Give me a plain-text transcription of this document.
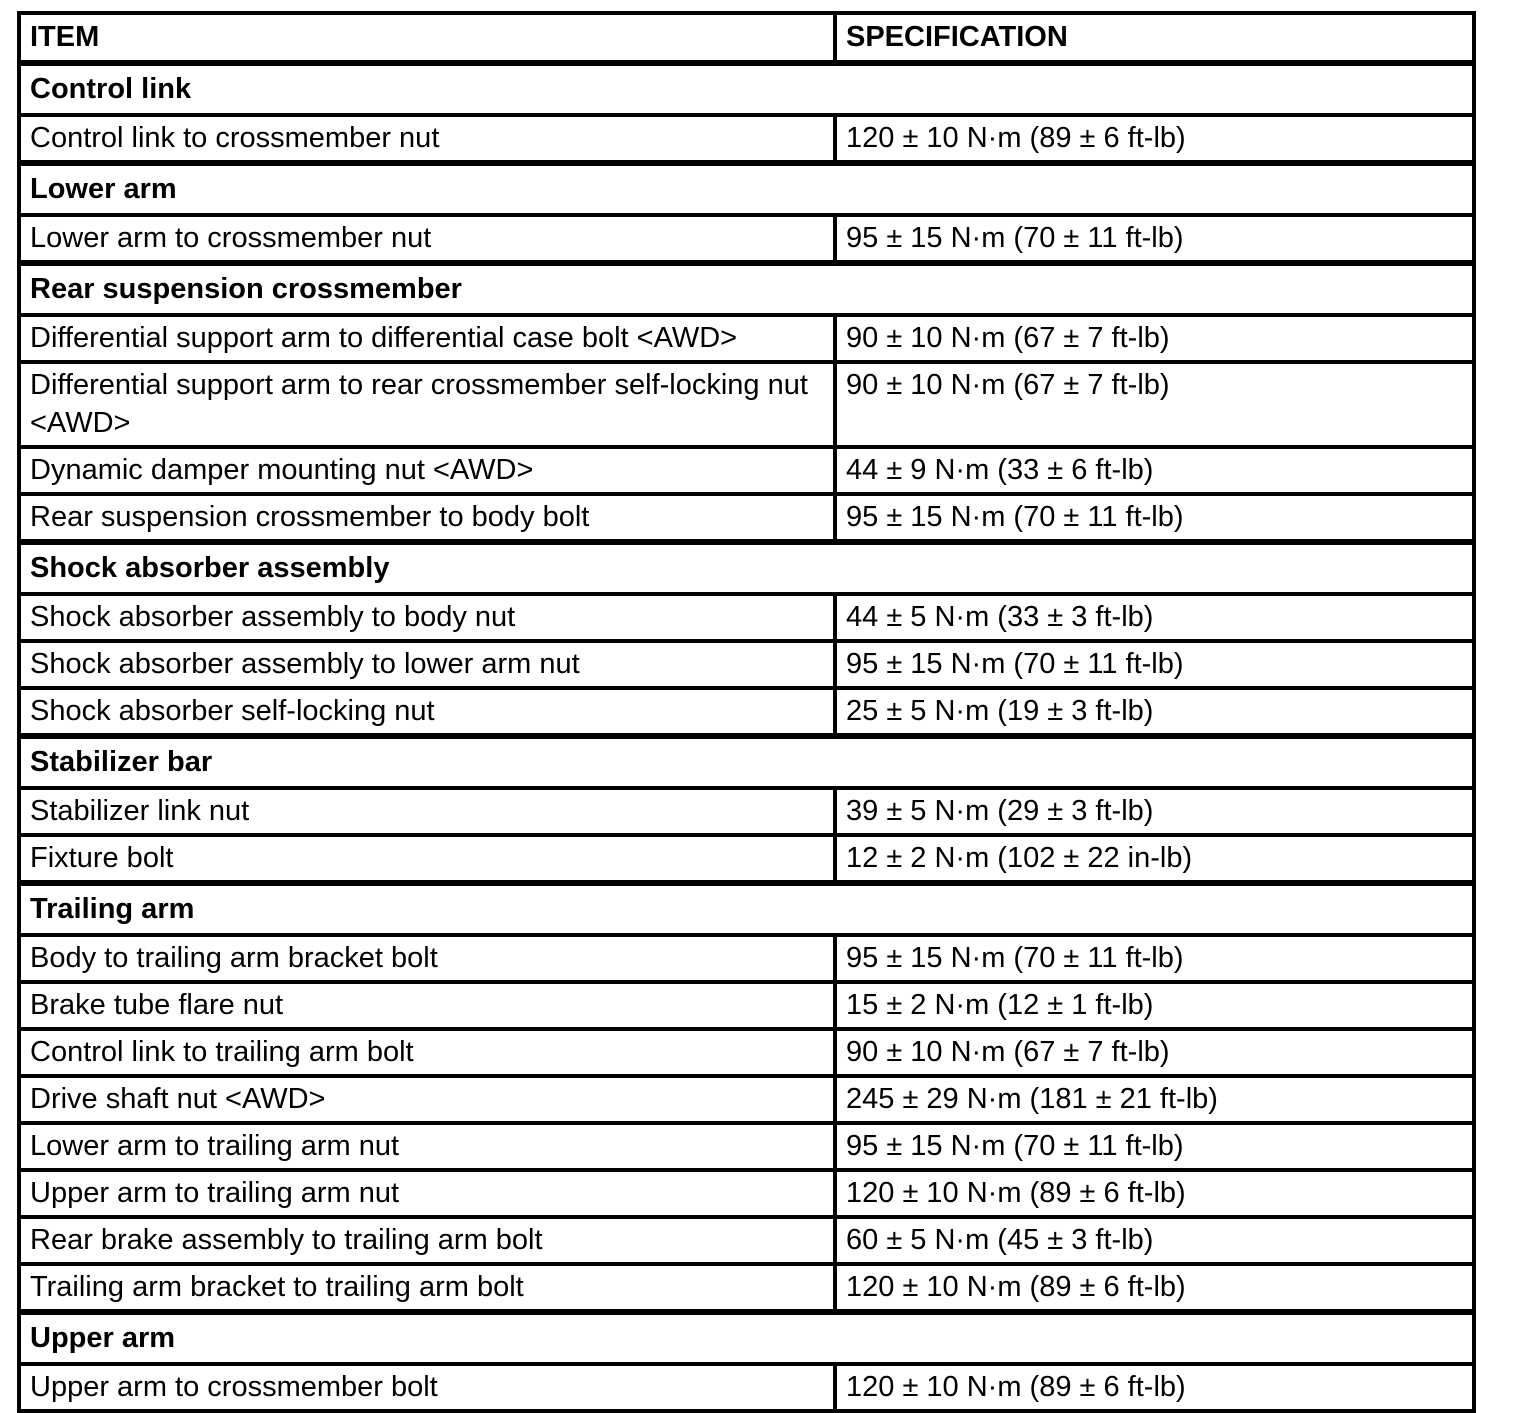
ITEM	SPECIFICATION
Control link	
Control link to crossmember nut	120 ± 10 N·m (89 ± 6 ft-lb)
Lower arm	
Lower arm to crossmember nut	95 ± 15 N·m (70 ± 11 ft-lb)
Rear suspension crossmember	
Differential support arm to differential case bolt <AWD>	90 ± 10 N·m (67 ± 7 ft-lb)
Differential support arm to rear crossmember self-locking nut <AWD>	90 ± 10 N·m (67 ± 7 ft-lb)
Dynamic damper mounting nut <AWD>	44 ± 9 N·m (33 ± 6 ft-lb)
Rear suspension crossmember to body bolt	95 ± 15 N·m (70 ± 11 ft-lb)
Shock absorber assembly	
Shock absorber assembly to body nut	44 ± 5 N·m (33 ± 3 ft-lb)
Shock absorber assembly to lower arm nut	95 ± 15 N·m (70 ± 11 ft-lb)
Shock absorber self-locking nut	25 ± 5 N·m (19 ± 3 ft-lb)
Stabilizer bar	
Stabilizer link nut	39 ± 5 N·m (29 ± 3 ft-lb)
Fixture bolt	12 ± 2 N·m (102 ± 22 in-lb)
Trailing arm	
Body to trailing arm bracket bolt	95 ± 15 N·m (70 ± 11 ft-lb)
Brake tube flare nut	15 ± 2 N·m (12 ± 1 ft-lb)
Control link to trailing arm bolt	90 ± 10 N·m (67 ± 7 ft-lb)
Drive shaft nut <AWD>	245 ± 29 N·m (181 ± 21 ft-lb)
Lower arm to trailing arm nut	95 ± 15 N·m (70 ± 11 ft-lb)
Upper arm to trailing arm nut	120 ± 10 N·m (89 ± 6 ft-lb)
Rear brake assembly to trailing arm bolt	60 ± 5 N·m (45 ± 3 ft-lb)
Trailing arm bracket to trailing arm bolt	120 ± 10 N·m (89 ± 6 ft-lb)
Upper arm	
Upper arm to crossmember bolt	120 ± 10 N·m (89 ± 6 ft-lb)
